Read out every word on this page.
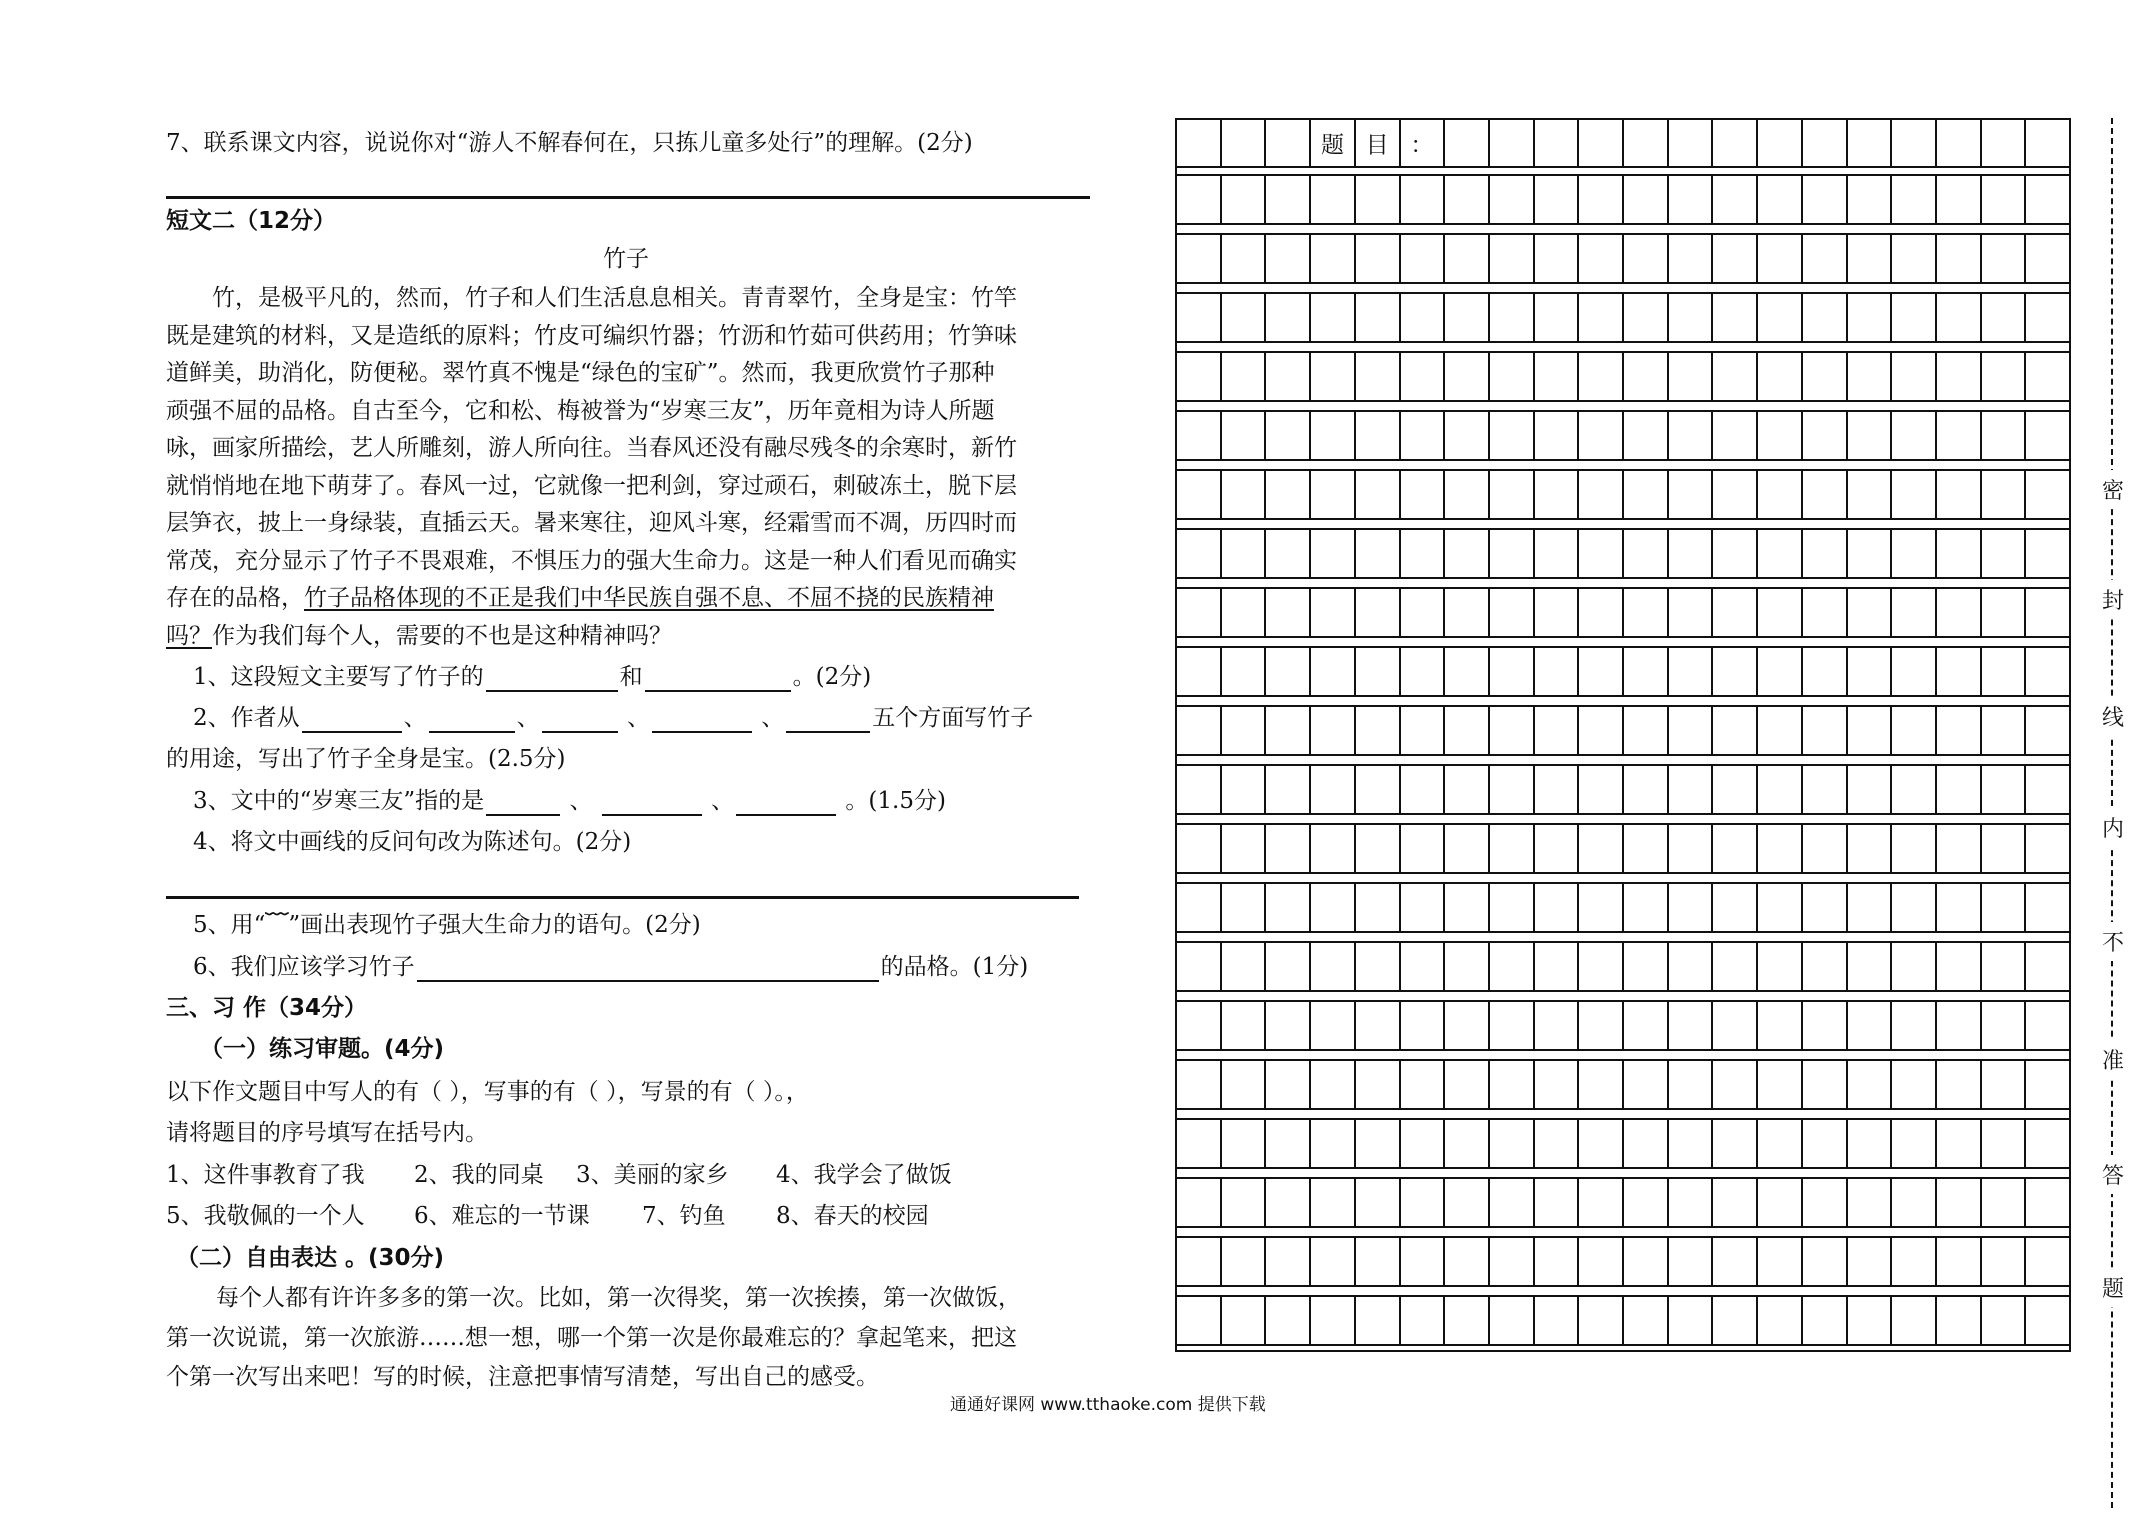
7、联系课文内容，说说你对“游人不解春何在，只拣儿童多处行”的理解。(2分)
短文二（12分）
竹子

竹，是极平凡的，然而，竹子和人们生活息息相关。青青翠竹，全身是宝：竹竿

既是建筑的材料，又是造纸的原料；竹皮可编织竹器；竹沥和竹茹可供药用；竹笋味

道鲜美，助消化，防便秘。翠竹真不愧是“绿色的宝矿”。然而，我更欣赏竹子那种

顽强不屈的品格。自古至今，它和松、梅被誉为“岁寒三友”，历年竟相为诗人所题

咏，画家所描绘，艺人所雕刻，游人所向往。当春风还没有融尽残冬的余寒时，新竹

就悄悄地在地下萌芽了。春风一过，它就像一把利剑，穿过顽石，刺破冻土，脱下层

层笋衣，披上一身绿装，直插云天。暑来寒往，迎风斗寒，经霜雪而不凋，历四时而

常茂，充分显示了竹子不畏艰难，不惧压力的强大生命力。这是一种人们看见而确实

存在的品格，竹子品格体现的不正是我们中华民族自强不息、不屈不挠的民族精神

吗？作为我们每个人，需要的不也是这种精神吗？

1、这段短文主要写了竹子的	和	。(2分)
2、作者从	、	、	、	、	五个方面写竹子
的用途，写出了竹子全身是宝。(2.5分)
3、文中的“岁寒三友”指的是	、	、	。(1.5分)
4、将文中画线的反问句改为陈述句。(2分)
5、用“﹋”画出表现竹子强大生命力的语句。(2分)
6、我们应该学习竹子	的品格。(1分)
三、习 作（34分）
（一）练习审题。(4分)
以下作文题目中写人的有（ ），写事的有（ ），写景的有（ ）。，
请将题目的序号填写在括号内。
1、这件事教育了我 2、我的同桌 3、美丽的家乡 4、我学会了做饭
5、我敬佩的一个人 6、难忘的一节课 7、钓鱼 8、春天的校园
（二）自由表达 。(30分)
每个人都有许许多多的第一次。比如，第一次得奖，第一次挨揍，第一次做饭，
第一次说谎，第一次旅游……想一想，哪一个第一次是你最难忘的？拿起笔来，把这
个第一次写出来吧！写的时候，注意把事情写清楚，写出自己的感受。
通通好课网 www.tthaoke.com 提供下载
题 目 ：
密
封
线
内
不
准
答
题
